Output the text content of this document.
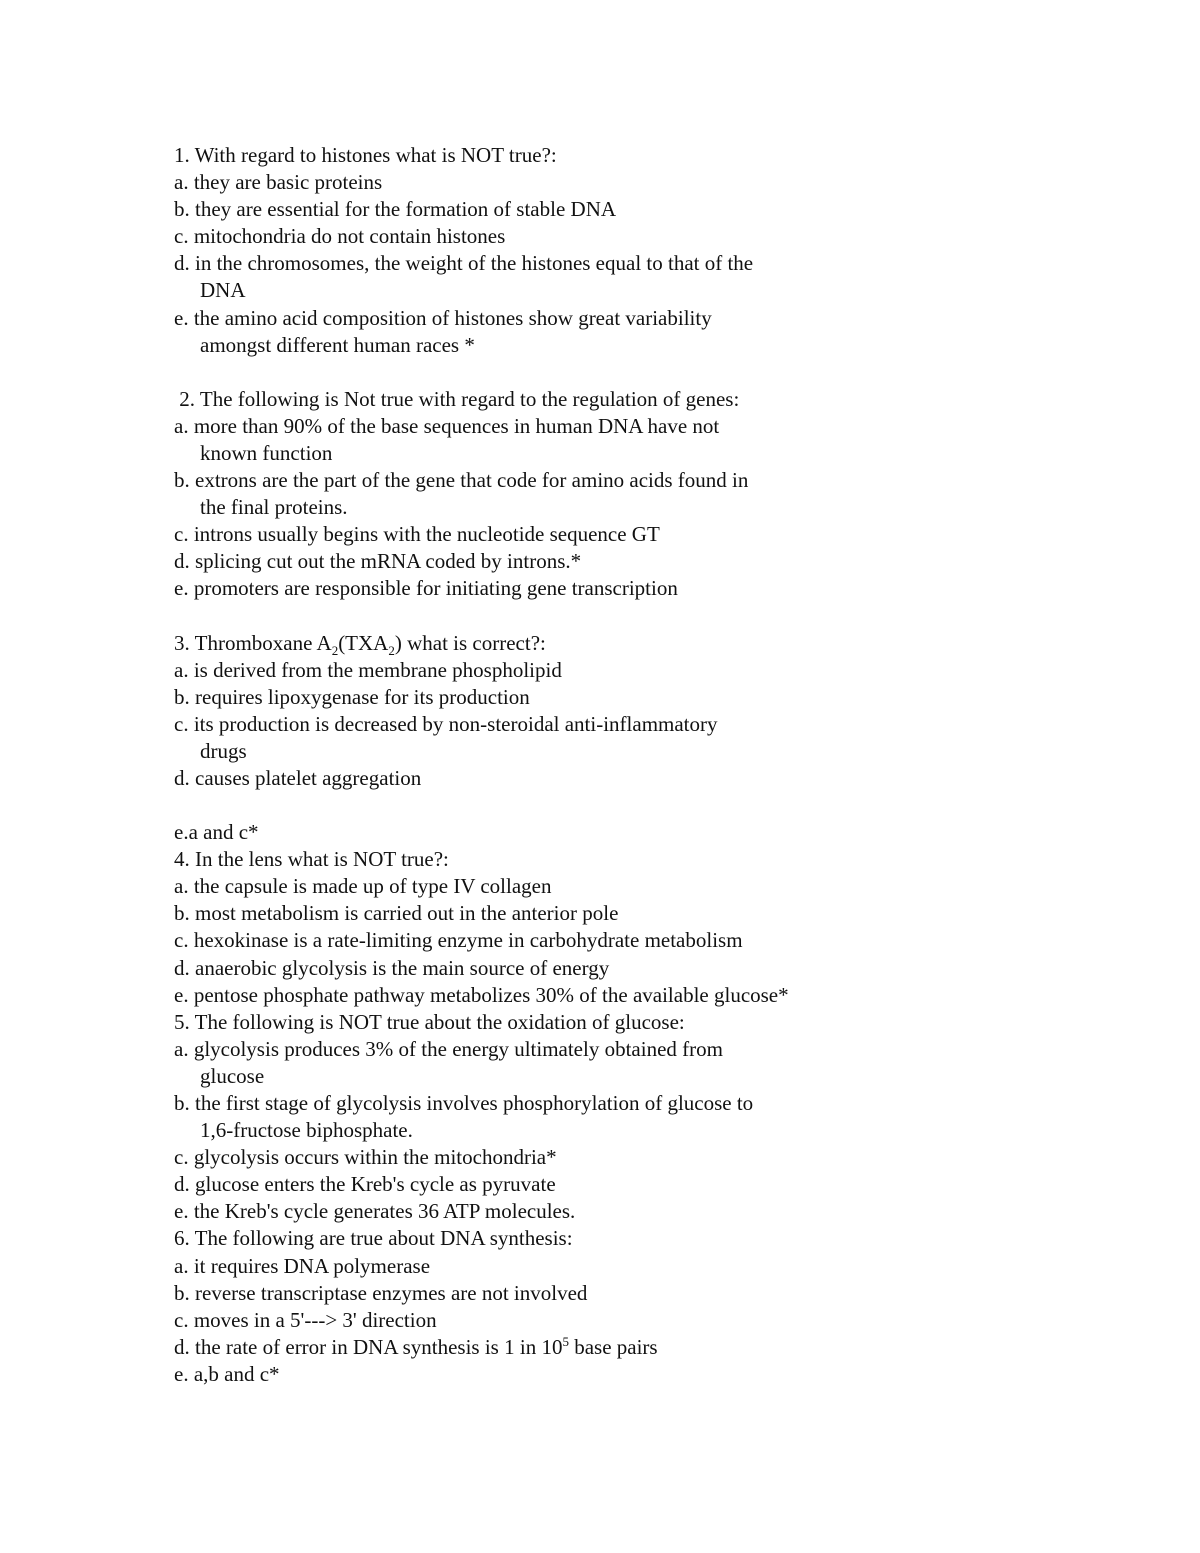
1. With regard to histones what is NOT true?:
a. they are basic proteins
b. they are essential for the formation of stable DNA
c. mitochondria do not contain histones
d. in the chromosomes, the weight of the histones equal to that of the
DNA
e. the amino acid composition of histones show great variability
amongst different human races *
2. The following is Not true with regard to the regulation of genes:
a. more than 90% of the base sequences in human DNA have not
known function
b. extrons are the part of the gene that code for amino acids found in
the final proteins.
c. introns usually begins with the nucleotide sequence GT
d. splicing cut out the mRNA coded by introns.*
e. promoters are responsible for initiating gene transcription
3. Thromboxane $A_2(TXA_2)$ what is correct?:
a. is derived from the membrane phospholipid
b. requires lipoxygenase for its production
c. its production is decreased by non-steroidal anti-inflammatory
drugs
d. causes platelet aggregation
e.a and c*
4. In the lens what is NOT true?:
a. the capsule is made up of type IV collagen
b. most metabolism is carried out in the anterior pole
c. hexokinase is a rate-limiting enzyme in carbohydrate metabolism
d. anaerobic glycolysis is the main source of energy
e. pentose phosphate pathway metabolizes 30% of the available glucose*
5. The following is NOT true about the oxidation of glucose:
a. glycolysis produces 3% of the energy ultimately obtained from
glucose
b. the first stage of glycolysis involves phosphorylation of glucose to
1,6-fructose biphosphate.
c. glycolysis occurs within the mitochondria*
d. glucose enters the Kreb's cycle as pyruvate
e. the Kreb's cycle generates 36 ATP molecules.
6. The following are true about DNA synthesis:
a. it requires DNA polymerase
b. reverse transcriptase enzymes are not involved
c. moves in a 5'---> 3' direction
d. the rate of error in DNA synthesis is 1 in $10^5$ base pairs
e. a,b and c*
